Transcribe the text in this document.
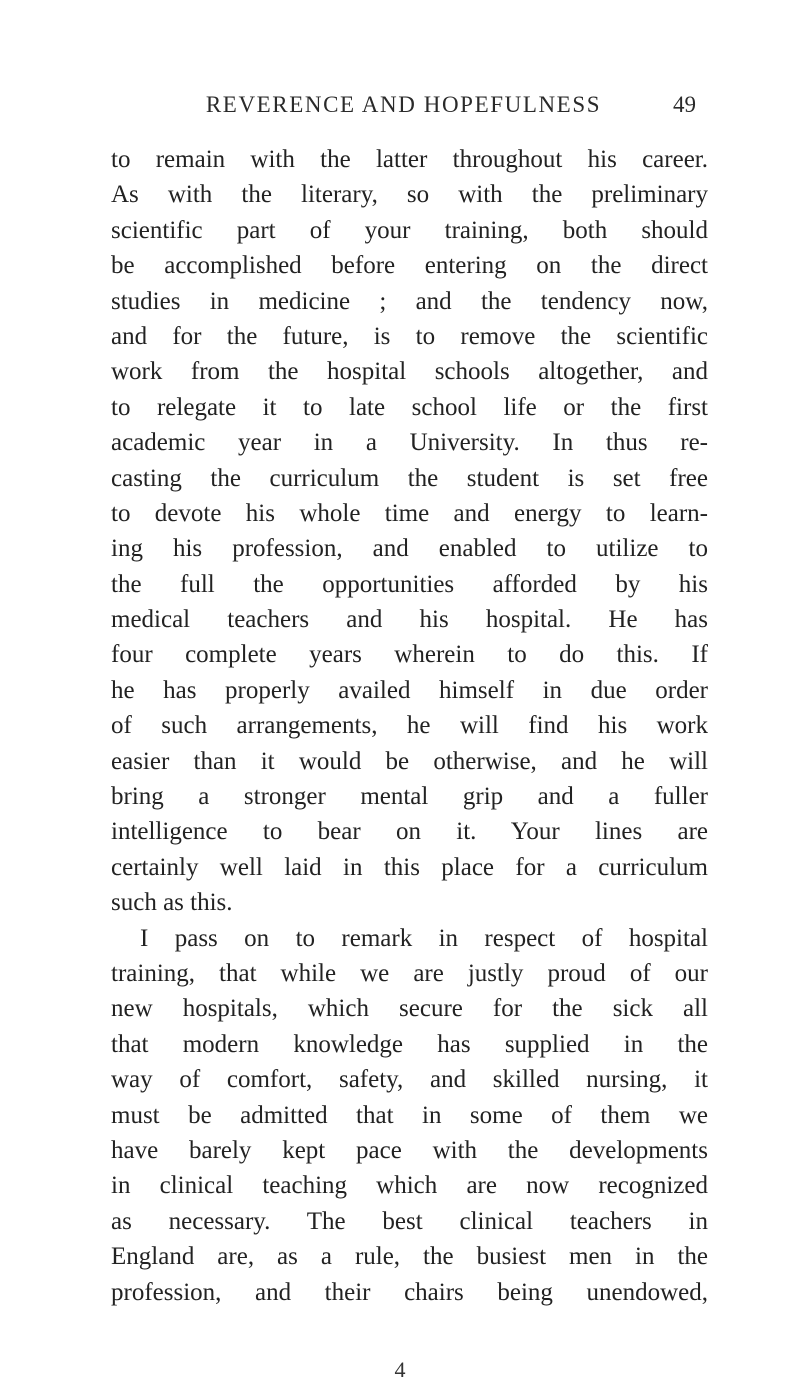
REVERENCE AND HOPEFULNESS	49
to remain with the latter throughout his career.
As with the literary, so with the preliminary
scientific part of your training, both should
be accomplished before entering on the direct
studies in medicine ; and the tendency now,
and for the future, is to remove the scientific
work from the hospital schools altogether, and
to relegate it to late school life or the first
academic year in a University. In thus re-
casting the curriculum the student is set free
to devote his whole time and energy to learn-
ing his profession, and enabled to utilize to
the full the opportunities afforded by his
medical teachers and his hospital. He has
four complete years wherein to do this. If
he has properly availed himself in due order
of such arrangements, he will find his work
easier than it would be otherwise, and he will
bring a stronger mental grip and a fuller
intelligence to bear on it. Your lines are
certainly well laid in this place for a curriculum
such as this.
I pass on to remark in respect of hospital
training, that while we are justly proud of our
new hospitals, which secure for the sick all
that modern knowledge has supplied in the
way of comfort, safety, and skilled nursing, it
must be admitted that in some of them we
have barely kept pace with the developments
in clinical teaching which are now recognized
as necessary. The best clinical teachers in
England are, as a rule, the busiest men in the
profession, and their chairs being unendowed,
4
